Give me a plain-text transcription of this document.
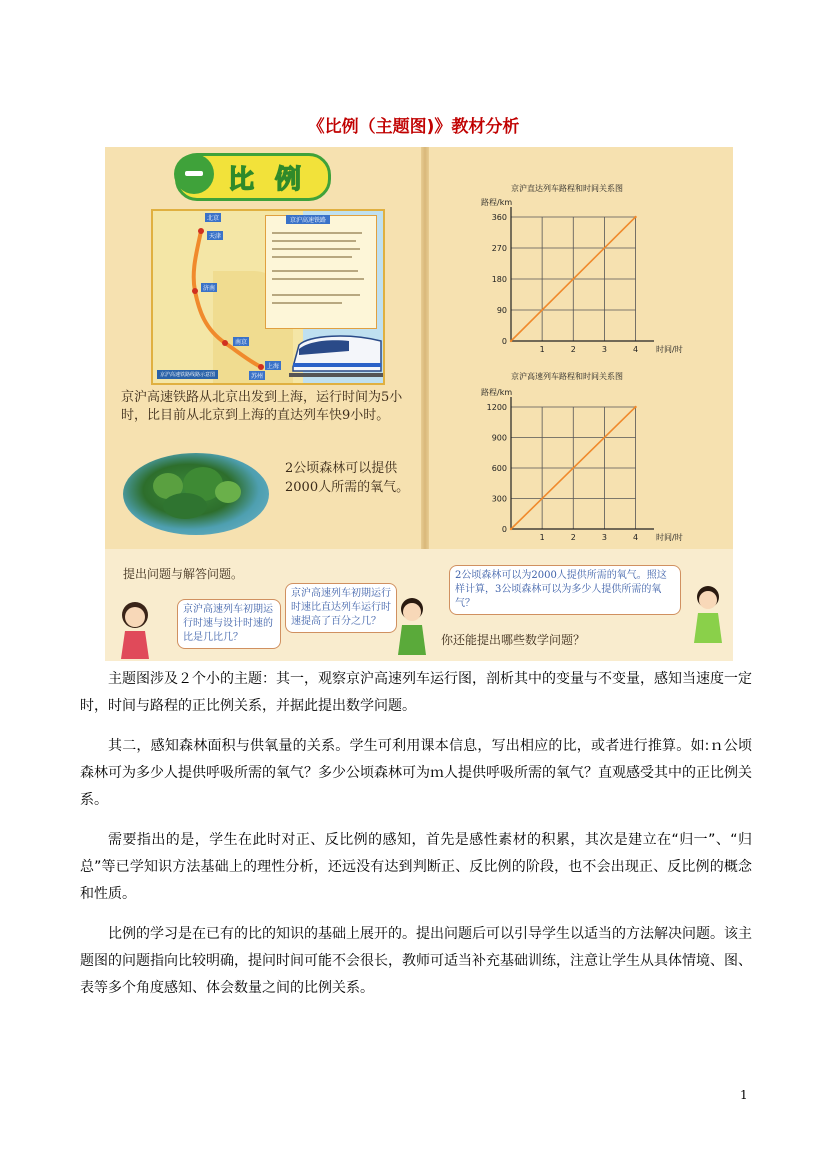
《比例（主题图)》教材分析
比 例
北京
天津
济南
南京
上海
苏州
京沪高速铁路
京沪高速铁路线路示意图
京沪高速铁路从北京出发到上海，运行时间为5小时，比目前从北京到上海的直达列车快9小时。
2公顷森林可以提供2000人所需的氧气。
京沪直达列车路程和时间关系图
0
90
180
270
360
1	2	3	4
路程/km
时间/时
京沪高速列车路程和时间关系图
0
300
600
900
1200
1	2	3	4
路程/km
时间/时
提出问题与解答问题。
京沪高速列车初期运行时速与设计时速的比是几比几？
京沪高速列车初期运行时速比直达列车运行时速提高了百分之几？
2公顷森林可以为2000人提供所需的氧气。照这样计算，3公顷森林可以为多少人提供所需的氧气？
你还能提出哪些数学问题？
主题图涉及２个小的主题：其一，观察京沪高速列车运行图，剖析其中的变量与不变量，感知当速度一定时，时间与路程的正比例关系，并据此提出数学问题。
其二，感知森林面积与供氧量的关系。学生可利用课本信息，写出相应的比，或者进行推算。如:ｎ公顷森林可为多少人提供呼吸所需的氧气？多少公顷森林可为ｍ人提供呼吸所需的氧气？直观感受其中的正比例关系。
需要指出的是，学生在此时对正、反比例的感知，首先是感性素材的积累，其次是建立在“归一”、“归总”等已学知识方法基础上的理性分析，还远没有达到判断正、反比例的阶段，也不会出现正、反比例的概念和性质。
比例的学习是在已有的比的知识的基础上展开的。提出问题后可以引导学生以适当的方法解决问题。该主题图的问题指向比较明确，提问时间可能不会很长，教师可适当补充基础训练，注意让学生从具体情境、图、表等多个角度感知、体会数量之间的比例关系。
1
